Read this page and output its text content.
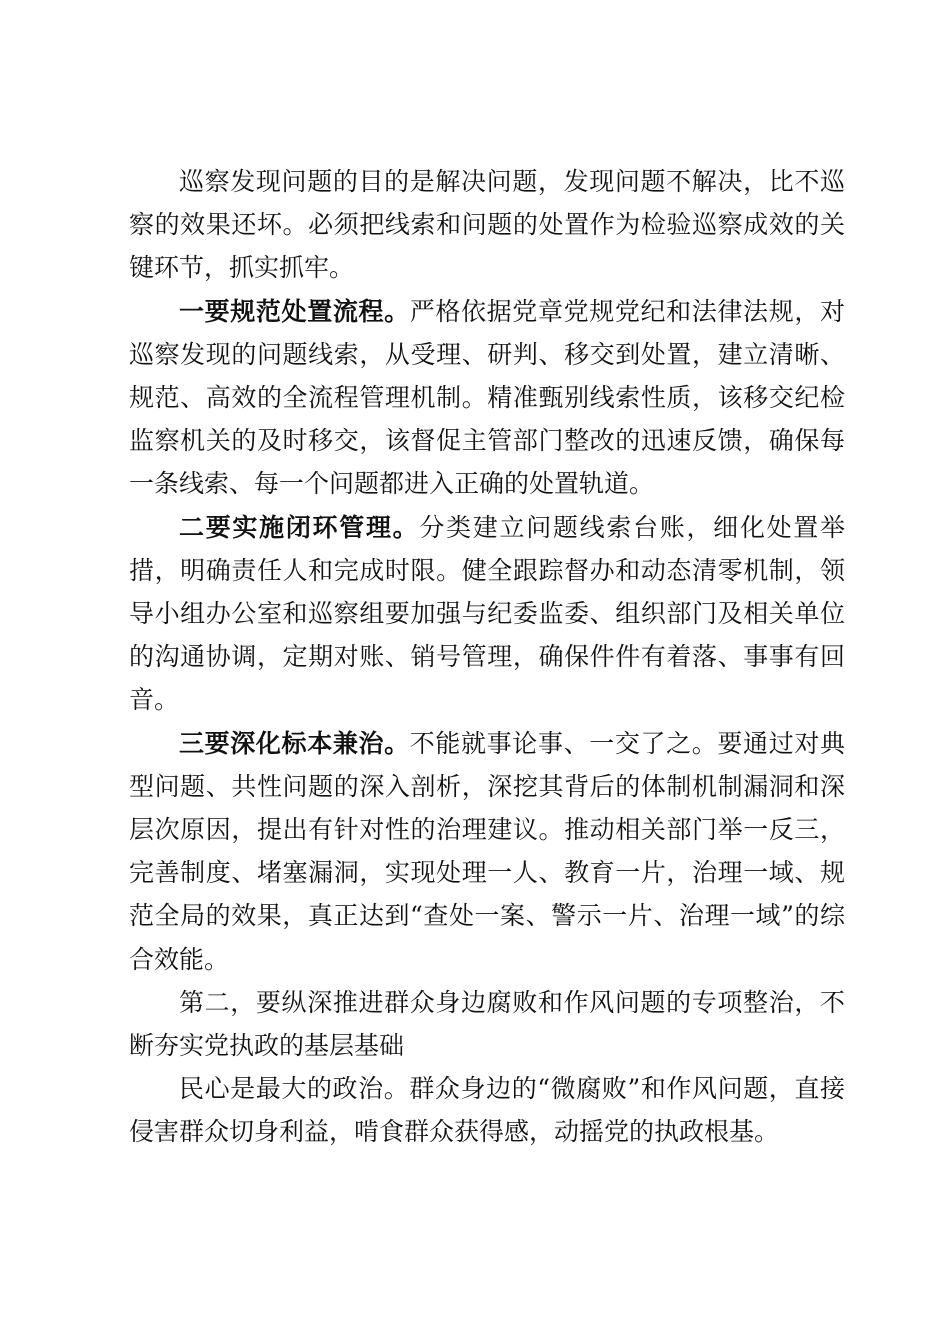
巡察发现问题的目的是解决问题，发现问题不解决，比不巡察的效果还坏。必须把线索和问题的处置作为检验巡察成效的关键环节，抓实抓牢。

一要规范处置流程。严格依据党章党规党纪和法律法规，对巡察发现的问题线索，从受理、研判、移交到处置，建立清晰、规范、高效的全流程管理机制。精准甄别线索性质，该移交纪检监察机关的及时移交，该督促主管部门整改的迅速反馈，确保每一条线索、每一个问题都进入正确的处置轨道。

二要实施闭环管理。分类建立问题线索台账，细化处置举措，明确责任人和完成时限。健全跟踪督办和动态清零机制，领导小组办公室和巡察组要加强与纪委监委、组织部门及相关单位的沟通协调，定期对账、销号管理，确保件件有着落、事事有回音。

三要深化标本兼治。不能就事论事、一交了之。要通过对典型问题、共性问题的深入剖析，深挖其背后的体制机制漏洞和深层次原因，提出有针对性的治理建议。推动相关部门举一反三，完善制度、堵塞漏洞，实现处理一人、教育一片，治理一域、规范全局的效果，真正达到“查处一案、警示一片、治理一域”的综合效能。

第二，要纵深推进群众身边腐败和作风问题的专项整治，不断夯实党执政的基层基础

民心是最大的政治。群众身边的“微腐败”和作风问题，直接侵害群众切身利益，啃食群众获得感，动摇党的执政根基。
